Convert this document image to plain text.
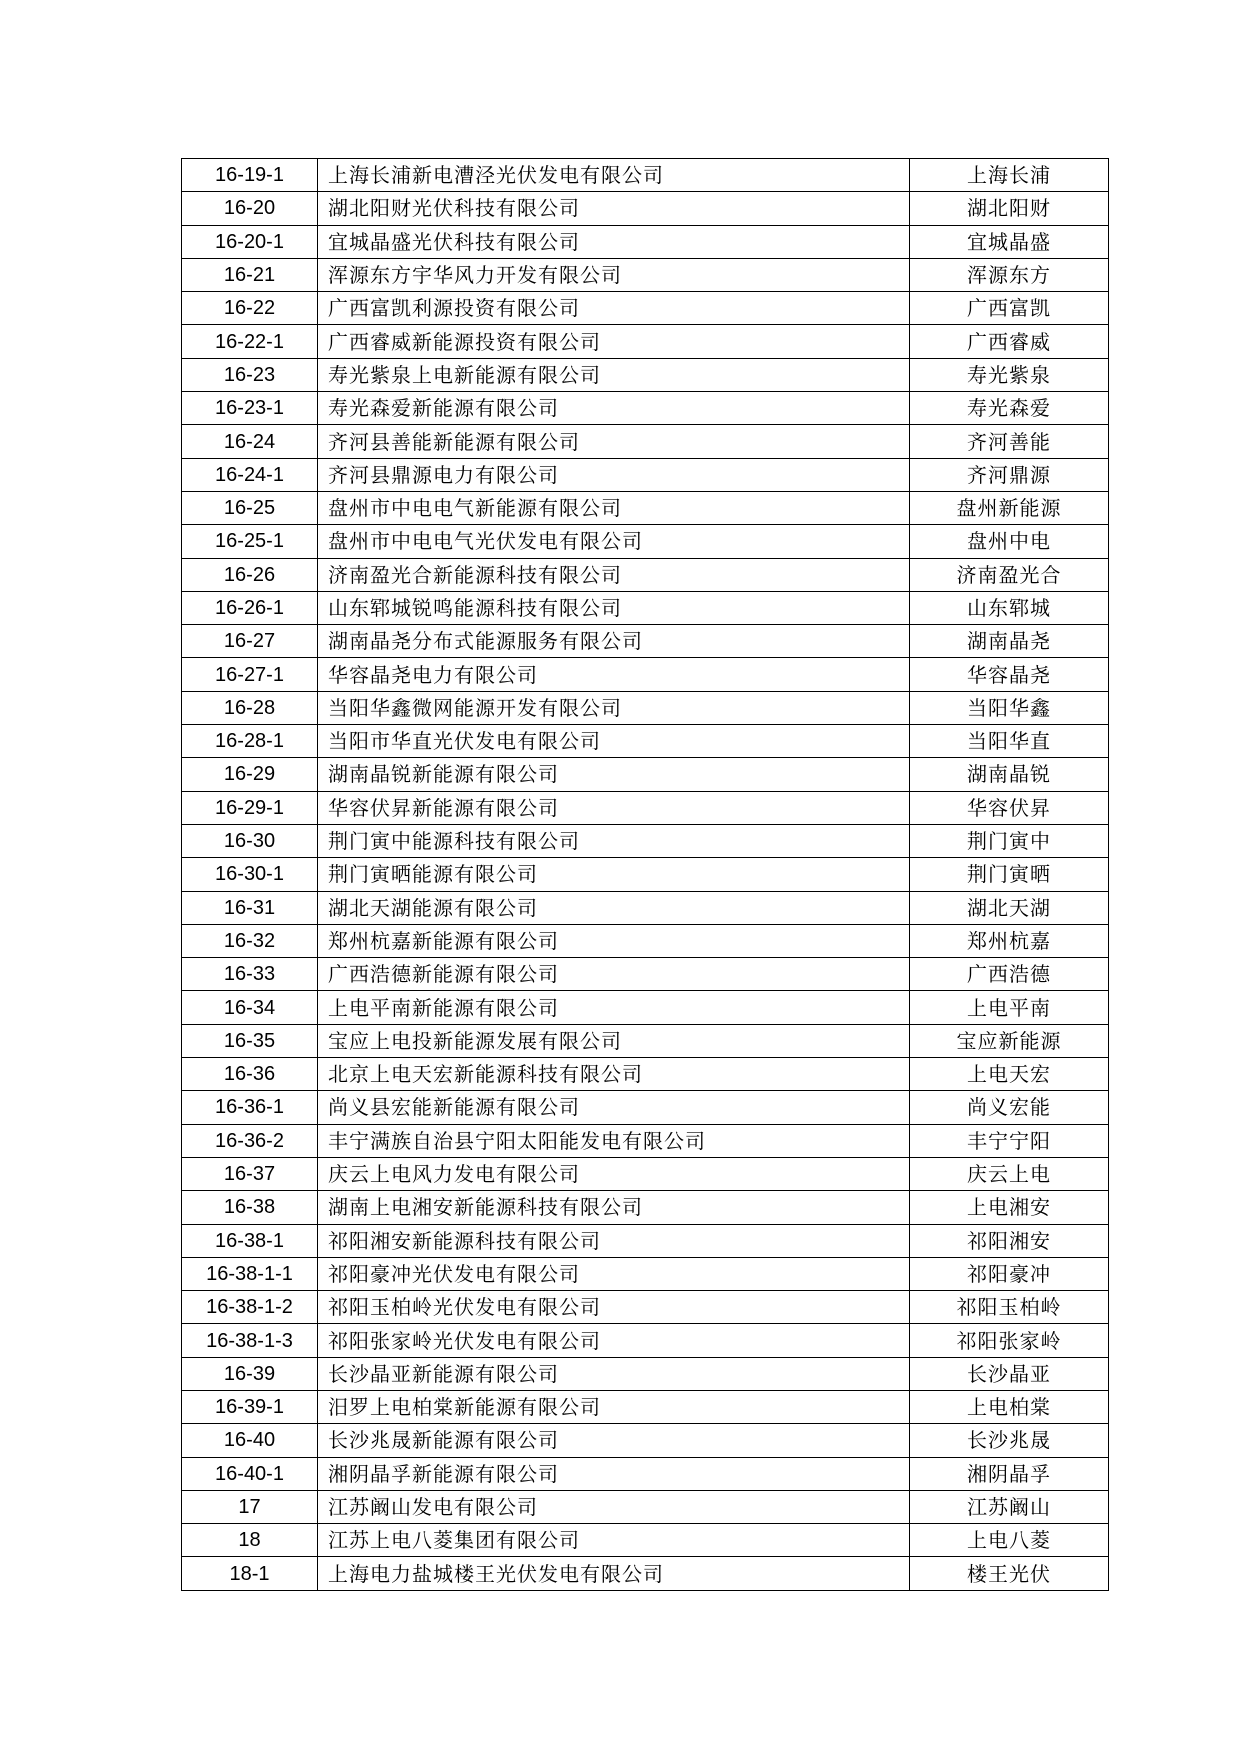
16-19-1	上海长浦新电漕泾光伏发电有限公司	上海长浦
16-20	湖北阳财光伏科技有限公司	湖北阳财
16-20-1	宜城晶盛光伏科技有限公司	宜城晶盛
16-21	浑源东方宇华风力开发有限公司	浑源东方
16-22	广西富凯利源投资有限公司	广西富凯
16-22-1	广西睿威新能源投资有限公司	广西睿威
16-23	寿光紫泉上电新能源有限公司	寿光紫泉
16-23-1	寿光森爱新能源有限公司	寿光森爱
16-24	齐河县善能新能源有限公司	齐河善能
16-24-1	齐河县鼎源电力有限公司	齐河鼎源
16-25	盘州市中电电气新能源有限公司	盘州新能源
16-25-1	盘州市中电电气光伏发电有限公司	盘州中电
16-26	济南盈光合新能源科技有限公司	济南盈光合
16-26-1	山东郓城锐鸣能源科技有限公司	山东郓城
16-27	湖南晶尧分布式能源服务有限公司	湖南晶尧
16-27-1	华容晶尧电力有限公司	华容晶尧
16-28	当阳华鑫微网能源开发有限公司	当阳华鑫
16-28-1	当阳市华直光伏发电有限公司	当阳华直
16-29	湖南晶锐新能源有限公司	湖南晶锐
16-29-1	华容伏昇新能源有限公司	华容伏昇
16-30	荆门寅中能源科技有限公司	荆门寅中
16-30-1	荆门寅晒能源有限公司	荆门寅晒
16-31	湖北天湖能源有限公司	湖北天湖
16-32	郑州杭嘉新能源有限公司	郑州杭嘉
16-33	广西浩德新能源有限公司	广西浩德
16-34	上电平南新能源有限公司	上电平南
16-35	宝应上电投新能源发展有限公司	宝应新能源
16-36	北京上电天宏新能源科技有限公司	上电天宏
16-36-1	尚义县宏能新能源有限公司	尚义宏能
16-36-2	丰宁满族自治县宁阳太阳能发电有限公司	丰宁宁阳
16-37	庆云上电风力发电有限公司	庆云上电
16-38	湖南上电湘安新能源科技有限公司	上电湘安
16-38-1	祁阳湘安新能源科技有限公司	祁阳湘安
16-38-1-1	祁阳豪冲光伏发电有限公司	祁阳豪冲
16-38-1-2	祁阳玉柏岭光伏发电有限公司	祁阳玉柏岭
16-38-1-3	祁阳张家岭光伏发电有限公司	祁阳张家岭
16-39	长沙晶亚新能源有限公司	长沙晶亚
16-39-1	汨罗上电柏棠新能源有限公司	上电柏棠
16-40	长沙兆晟新能源有限公司	长沙兆晟
16-40-1	湘阴晶孚新能源有限公司	湘阴晶孚
17	江苏阚山发电有限公司	江苏阚山
18	江苏上电八菱集团有限公司	上电八菱
18-1	上海电力盐城楼王光伏发电有限公司	楼王光伏
